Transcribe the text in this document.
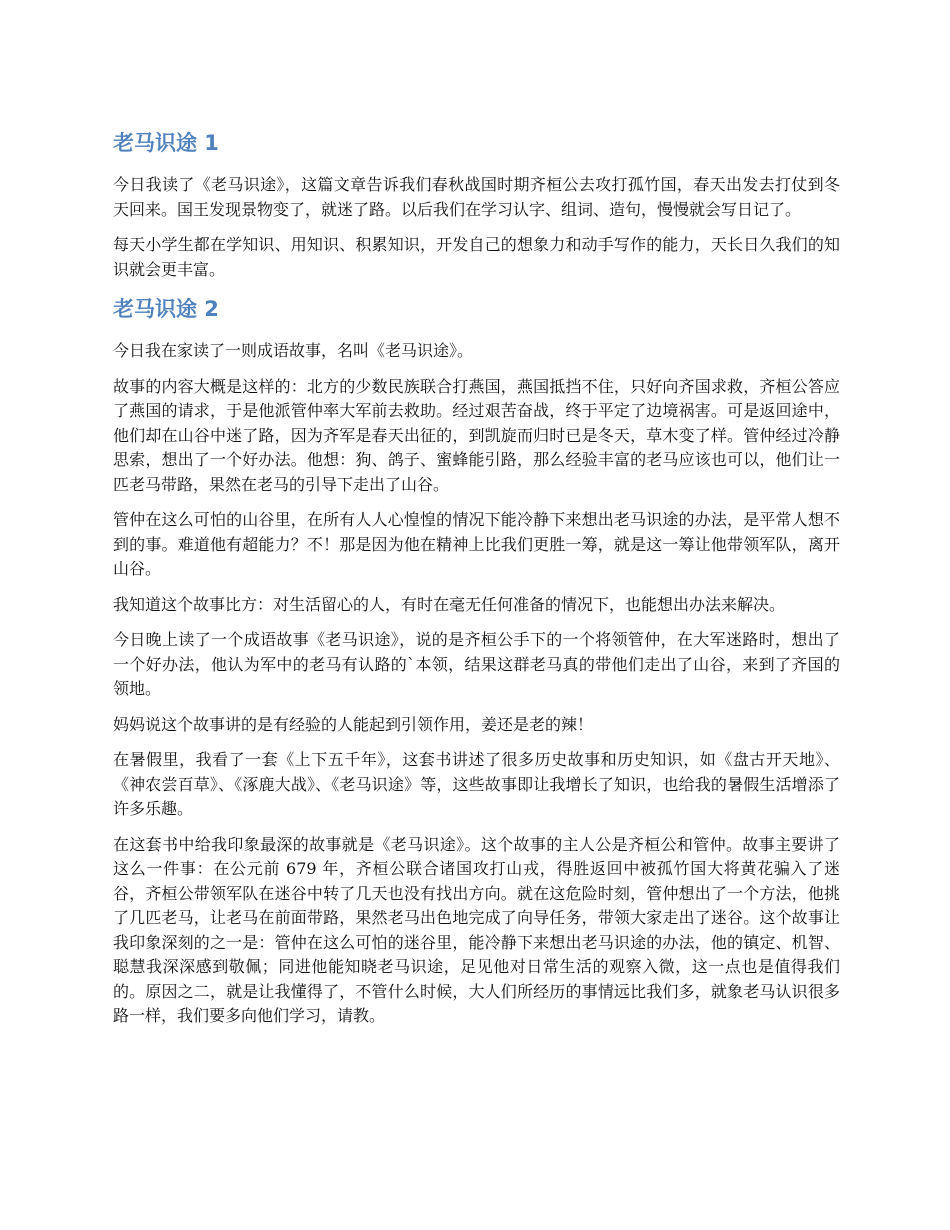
老马识途 1

今日我读了《老马识途》，这篇文章告诉我们春秋战国时期齐桓公去攻打孤竹国，春天出发去打仗到冬天回来。国王发现景物变了，就迷了路。以后我们在学习认字、组词、造句，慢慢就会写日记了。

每天小学生都在学知识、用知识、积累知识，开发自己的想象力和动手写作的能力，天长日久我们的知识就会更丰富。

老马识途 2

今日我在家读了一则成语故事，名叫《老马识途》。

故事的内容大概是这样的：北方的少数民族联合打燕国，燕国抵挡不住，只好向齐国求救，齐桓公答应了燕国的请求，于是他派管仲率大军前去救助。经过艰苦奋战，终于平定了边境祸害。可是返回途中，他们却在山谷中迷了路，因为齐军是春天出征的，到凯旋而归时已是冬天，草木变了样。管仲经过冷静思索，想出了一个好办法。他想：狗、鸽子、蜜蜂能引路，那么经验丰富的老马应该也可以，他们让一匹老马带路，果然在老马的引导下走出了山谷。

管仲在这么可怕的山谷里，在所有人人心惶惶的情况下能冷静下来想出老马识途的办法，是平常人想不到的事。难道他有超能力？不！那是因为他在精神上比我们更胜一筹，就是这一筹让他带领军队，离开山谷。

我知道这个故事比方：对生活留心的人，有时在毫无任何准备的情况下，也能想出办法来解决。

今日晚上读了一个成语故事《老马识途》，说的是齐桓公手下的一个将领管仲，在大军迷路时，想出了一个好办法，他认为军中的老马有认路的`本领，结果这群老马真的带他们走出了山谷，来到了齐国的领地。

妈妈说这个故事讲的是有经验的人能起到引领作用，姜还是老的辣！

在暑假里，我看了一套《上下五千年》，这套书讲述了很多历史故事和历史知识，如《盘古开天地》、《神农尝百草》、《涿鹿大战》、《老马识途》等，这些故事即让我增长了知识，也给我的暑假生活增添了许多乐趣。

在这套书中给我印象最深的故事就是《老马识途》。这个故事的主人公是齐桓公和管仲。故事主要讲了这么一件事：在公元前 679 年，齐桓公联合诸国攻打山戎，得胜返回中被孤竹国大将黄花骗入了迷谷，齐桓公带领军队在迷谷中转了几天也没有找出方向。就在这危险时刻，管仲想出了一个方法，他挑了几匹老马，让老马在前面带路，果然老马出色地完成了向导任务，带领大家走出了迷谷。这个故事让我印象深刻的之一是：管仲在这么可怕的迷谷里，能冷静下来想出老马识途的办法，他的镇定、机智、聪慧我深深感到敬佩；同进他能知晓老马识途，足见他对日常生活的观察入微，这一点也是值得我们的。原因之二，就是让我懂得了，不管什么时候，大人们所经历的事情远比我们多，就象老马认识很多路一样，我们要多向他们学习，请教。
